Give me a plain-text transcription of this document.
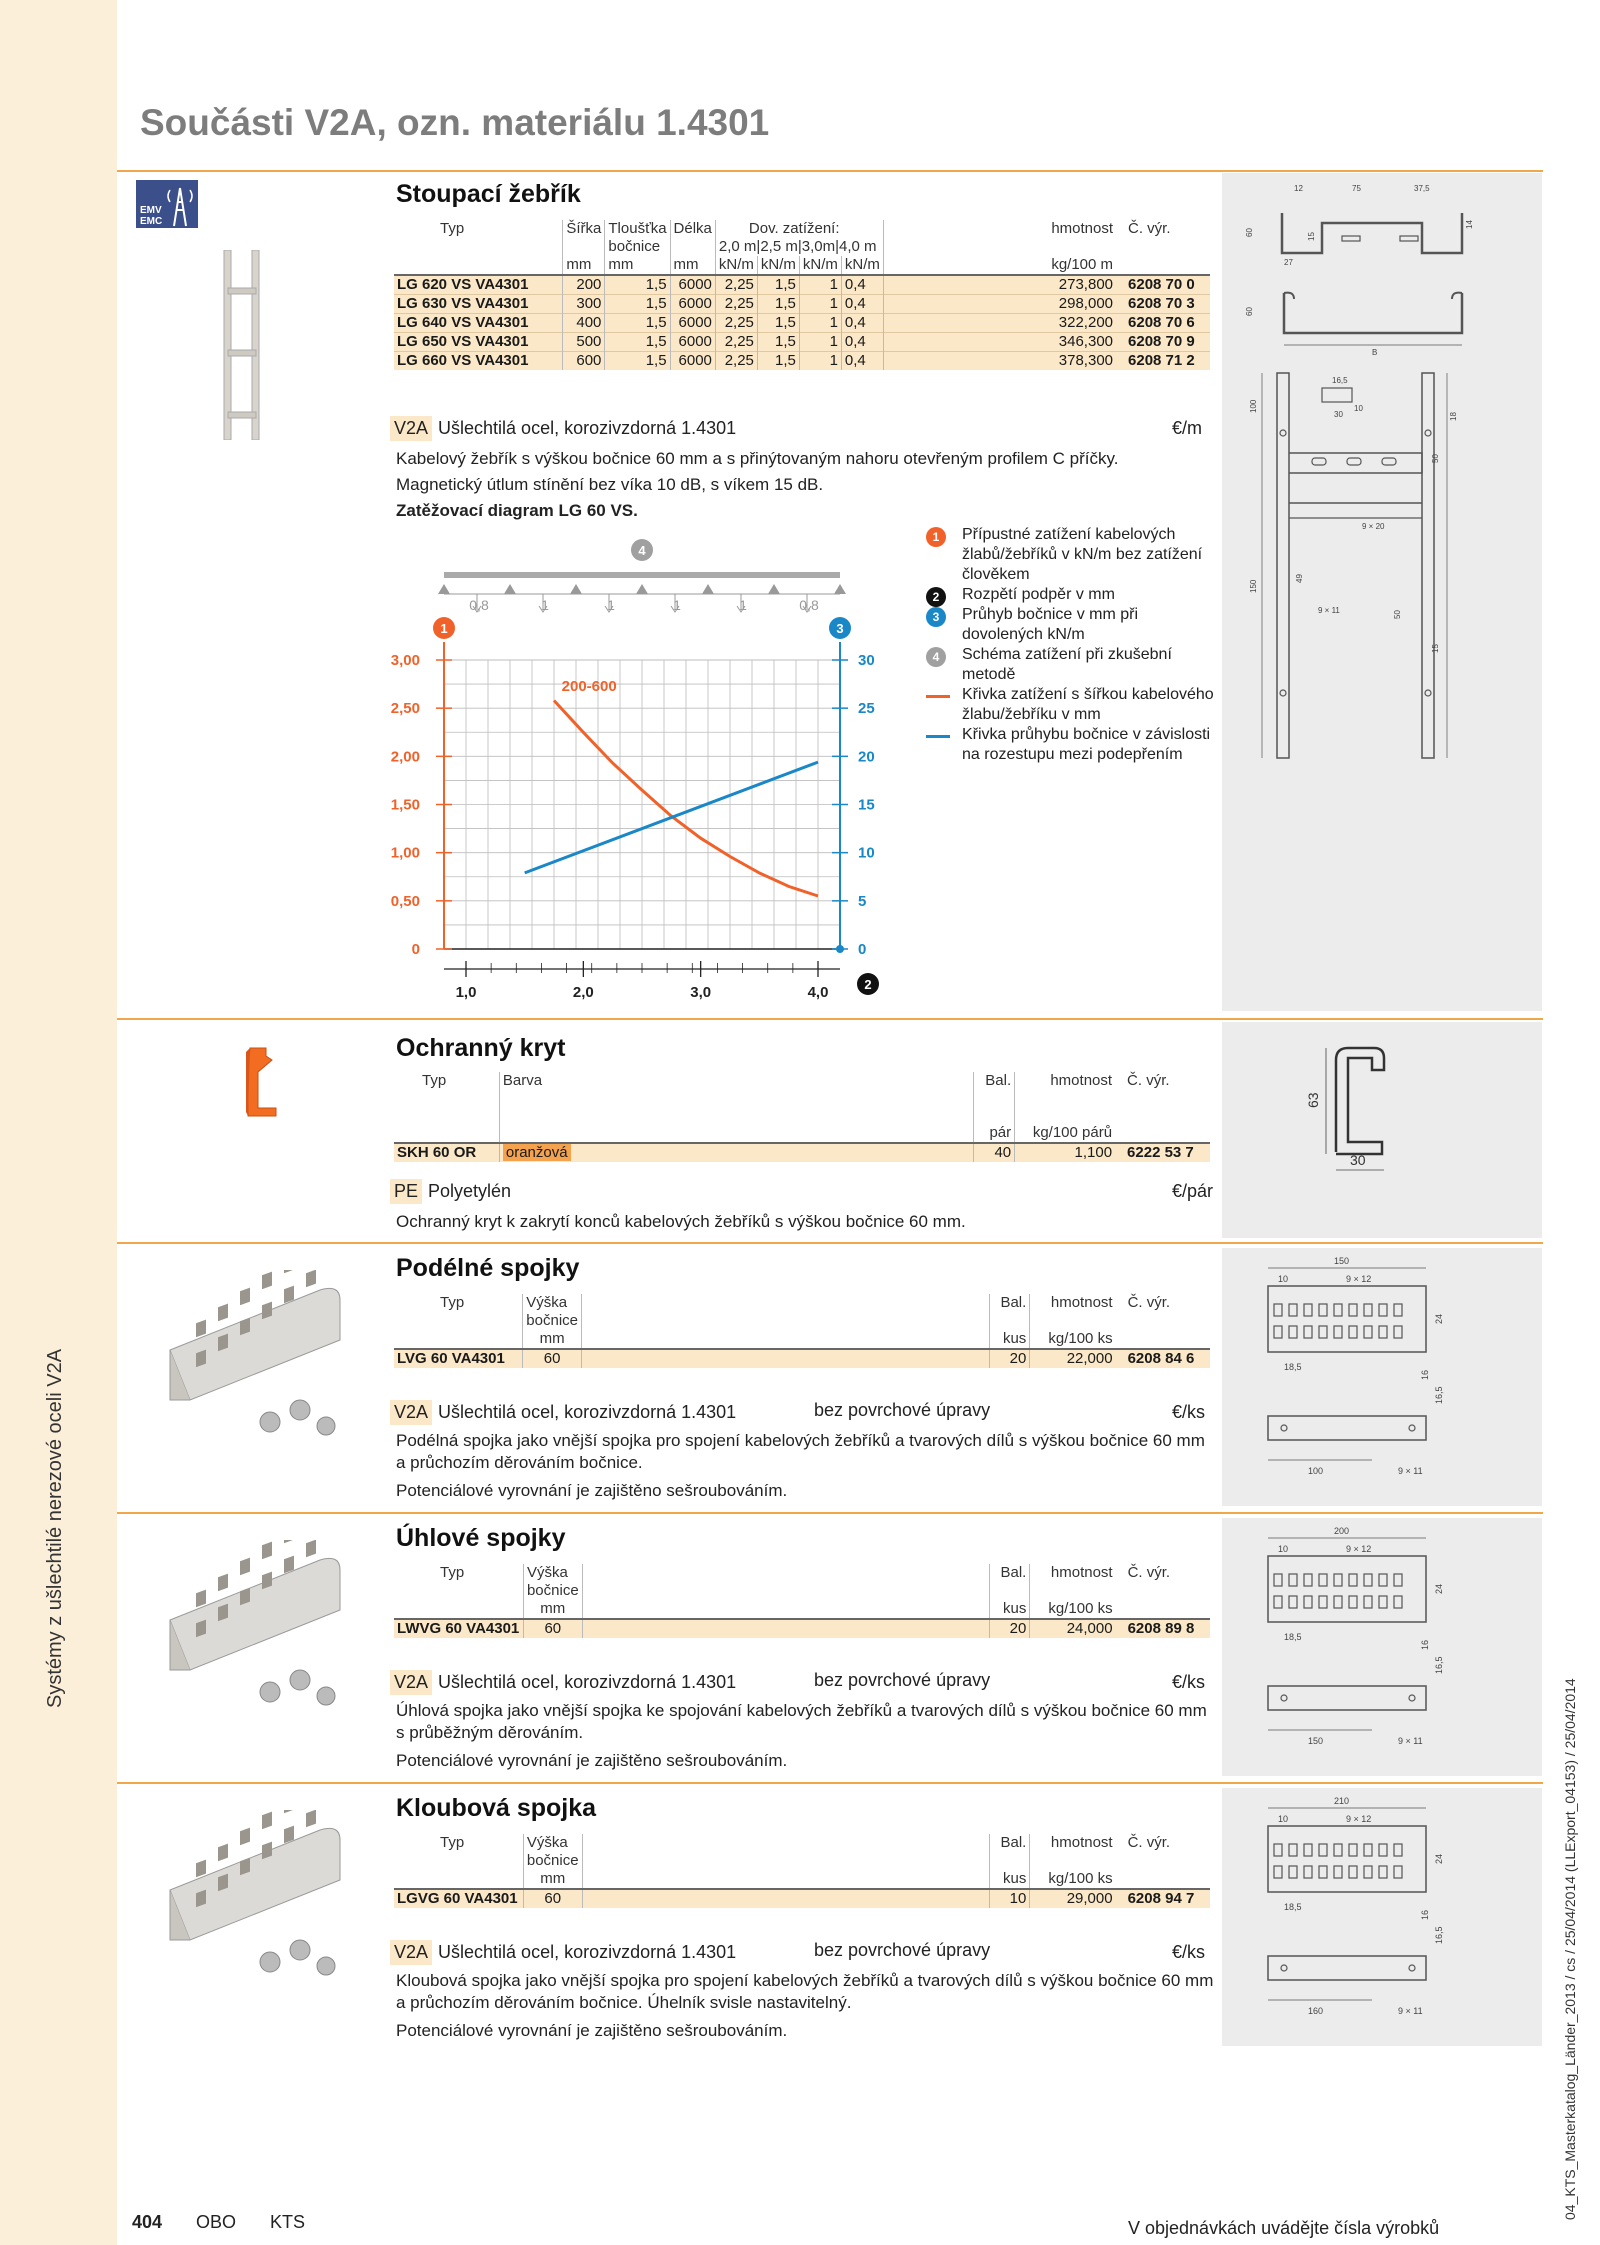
Systémy z ušlechtilé nerezové oceli V2A
04_KTS_Masterkatalog_Länder_2013 / cs / 25/04/2014 (LLExport_04153) / 25/04/2014
Součásti V2A, ozn. materiálu 1.4301
EMV
EMC
Stoupací žebřík
Typ	Šířka	Tloušťka
bočnice	Délka	Dov. zatížení:
2,0 m|2,5 m|3,0m|4,0 m				hmotnost	Č. výr.
	mm	mm	mm	kN/m	kN/m	kN/m	kN/m	kg/100 m	
LG 620 VS VA4301	200	1,5	6000	2,25	1,5	1	0,4	273,800	6208 70 0
LG 630 VS VA4301	300	1,5	6000	2,25	1,5	1	0,4	298,000	6208 70 3
LG 640 VS VA4301	400	1,5	6000	2,25	1,5	1	0,4	322,200	6208 70 6
LG 650 VS VA4301	500	1,5	6000	2,25	1,5	1	0,4	346,300	6208 70 9
LG 660 VS VA4301	600	1,5	6000	2,25	1,5	1	0,4	378,300	6208 71 2
V2A Ušlechtilá ocel, korozivzdorná 1.4301	€/m
Kabelový žebřík s výškou bočnice 60 mm a s přinýtovaným nahoru otevřeným profilem C příčky.
Magnetický útlum stínění bez víka 10 dB, s víkem 15 dB.
Zatěžovací diagram LG 60 VS.
0
0,50
1,00
1,50
2,00
2,50
3,00
0
5
10
15
20
25
30
1,0	2,0	3,0	4,0
0,8	1	1	1	1	0,8
4
1	3
2
200-600
1	Přípustné zatížení kabelových žlabů/žebříků v kN/m bez zatížení člověkem
2	Rozpětí podpěr v mm
3	Průhyb bočnice v mm při dovolených kN/m
4	Schéma zatížení při zkušební metodě
Křivka zatížení s šířkou kabelového žlabu/žebříku v mm
Křivka průhybu bočnice v závislosti na rozestupu mezi podepřením
12	75	37,5
60	15
14
27
60
B
16,5
30
100
150
9 × 20
49
9 × 11
18
50
50
15
10
Ochranný kryt
Typ	Barva	Bal.	hmotnost	Č. výr.
		pár	kg/100 párů	
SKH 60 OR	oranžová	40	1,100	6222 53 7
PE Polyetylén	€/pár
Ochranný kryt k zakrytí konců kabelových žebříků s výškou bočnice 60 mm.
63
30
Podélné spojky
Typ	Výška
bočnice		Bal.	hmotnost	Č. výr.
	mm		kus	kg/100 ks	
LVG 60 VA4301	60		20	22,000	6208 84 6
V2A Ušlechtilá ocel, korozivzdorná 1.4301	bez povrchové úpravy	€/ks
Podélná spojka jako vnější spojka pro spojení kabelových žebříků a tvarových dílů s výškou bočnice 60 mm a průchozím děrováním bočnice.
Potenciálové vyrovnání je zajištěno sešroubováním.
150
10	9 × 12
24
18,5
16
16,5
100	9 × 11
Úhlové spojky
Typ	Výška
bočnice		Bal.	hmotnost	Č. výr.
	mm		kus	kg/100 ks	
LWVG 60 VA4301	60		20	24,000	6208 89 8
V2A Ušlechtilá ocel, korozivzdorná 1.4301	bez povrchové úpravy	€/ks
Úhlová spojka jako vnější spojka ke spojování kabelových žebříků a tvarových dílů s výškou bočnice 60 mm s průběžným děrováním.
Potenciálové vyrovnání je zajištěno sešroubováním.
200
10	9 × 12
24
18,5
16
16,5
150	9 × 11
Kloubová spojka
Typ	Výška
bočnice		Bal.	hmotnost	Č. výr.
	mm		kus	kg/100 ks	
LGVG 60 VA4301	60		10	29,000	6208 94 7
V2A Ušlechtilá ocel, korozivzdorná 1.4301	bez povrchové úpravy	€/ks
Kloubová spojka jako vnější spojka pro spojení kabelových žebříků a tvarových dílů s výškou bočnice 60 mm a průchozím děrováním bočnice. Úhelník svisle nastavitelný.
Potenciálové vyrovnání je zajištěno sešroubováním.
210
10	9 × 12
24
18,5
16
16,5
160	9 × 11
404 OBO KTS	V objednávkách uvádějte čísla výrobků
